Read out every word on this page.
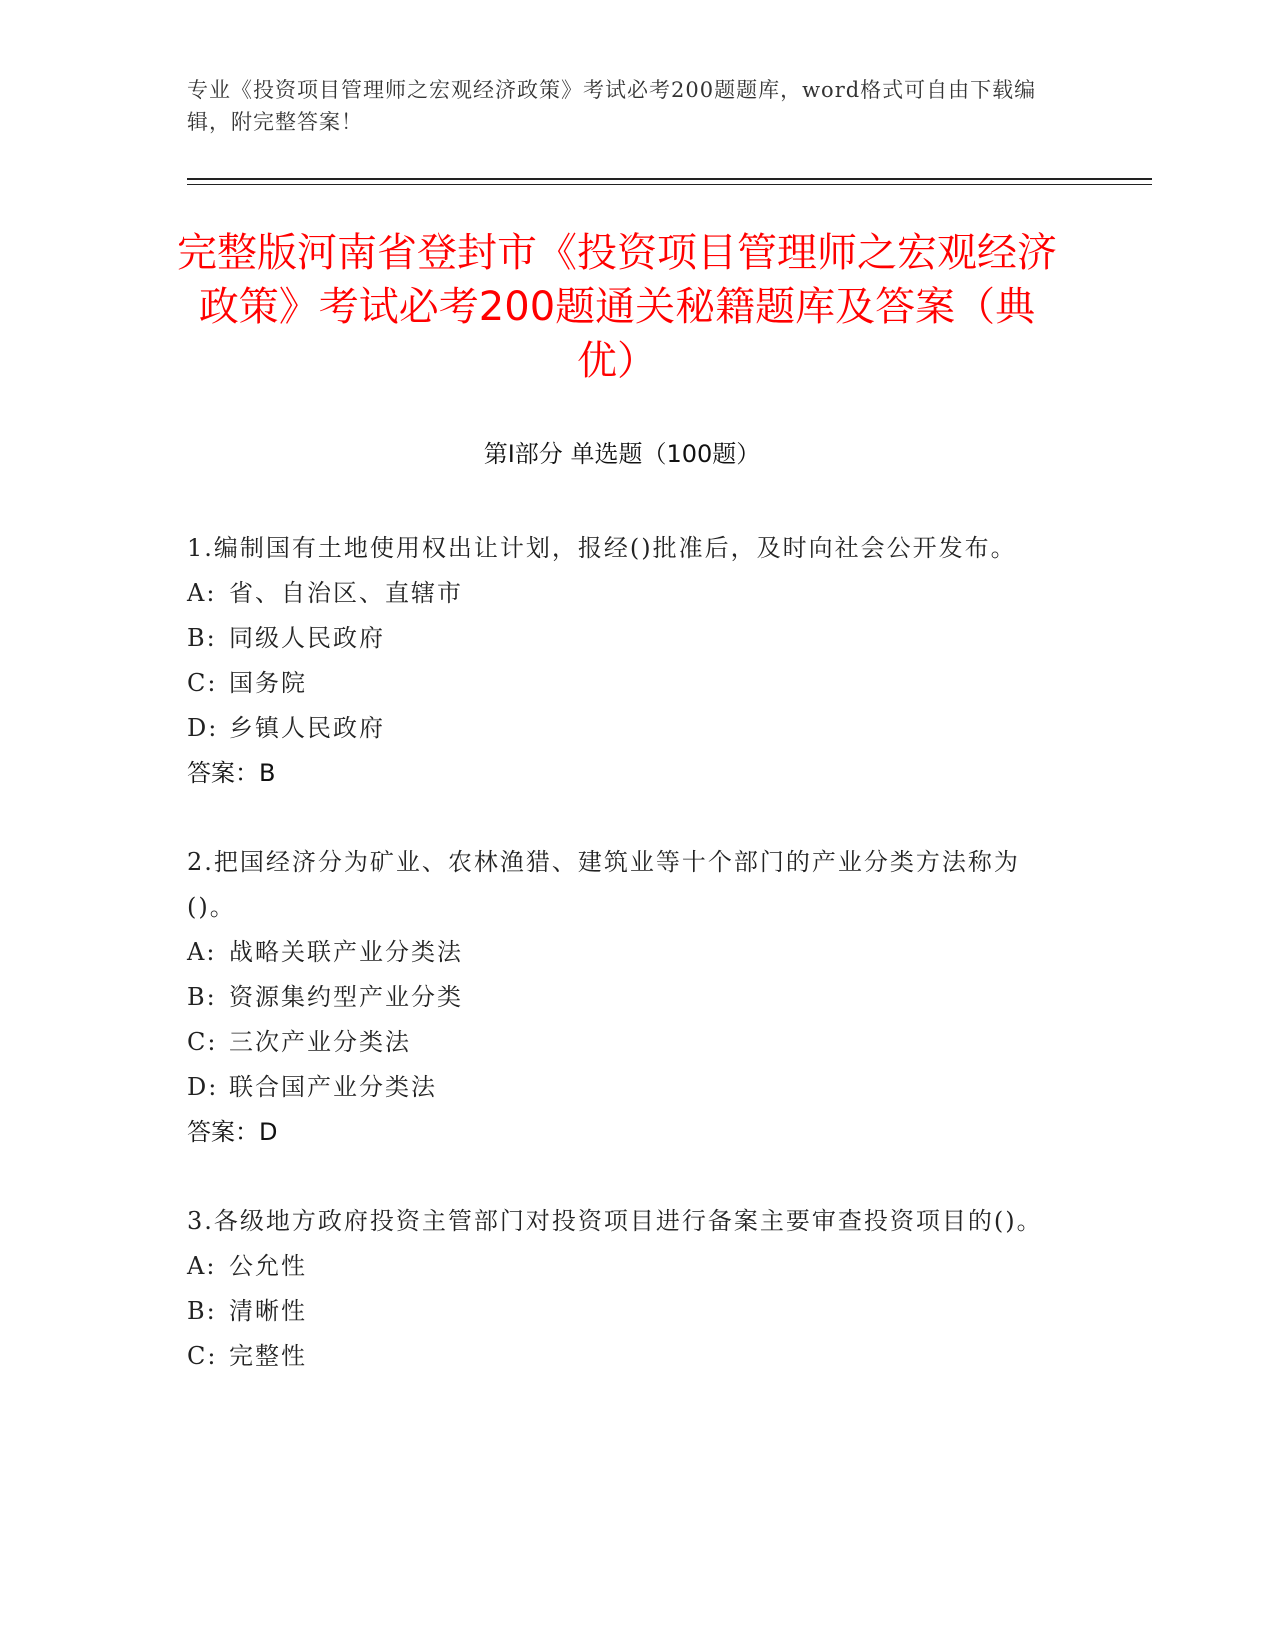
专业《投资项目管理师之宏观经济政策》考试必考200题题库，word格式可自由下载编辑，附完整答案！
完整版河南省登封市《投资项目管理师之宏观经济政策》考试必考200题通关秘籍题库及答案（典优）
第I部分 单选题（100题）
1.编制国有土地使用权出让计划，报经()批准后，及时向社会公开发布。
A: 省、自治区、直辖市
B: 同级人民政府
C: 国务院
D: 乡镇人民政府
答案：B
2.把国经济分为矿业、农林渔猎、建筑业等十个部门的产业分类方法称为()。
A: 战略关联产业分类法
B: 资源集约型产业分类
C: 三次产业分类法
D: 联合国产业分类法
答案：D
3.各级地方政府投资主管部门对投资项目进行备案主要审查投资项目的()。
A: 公允性
B: 清晰性
C: 完整性
